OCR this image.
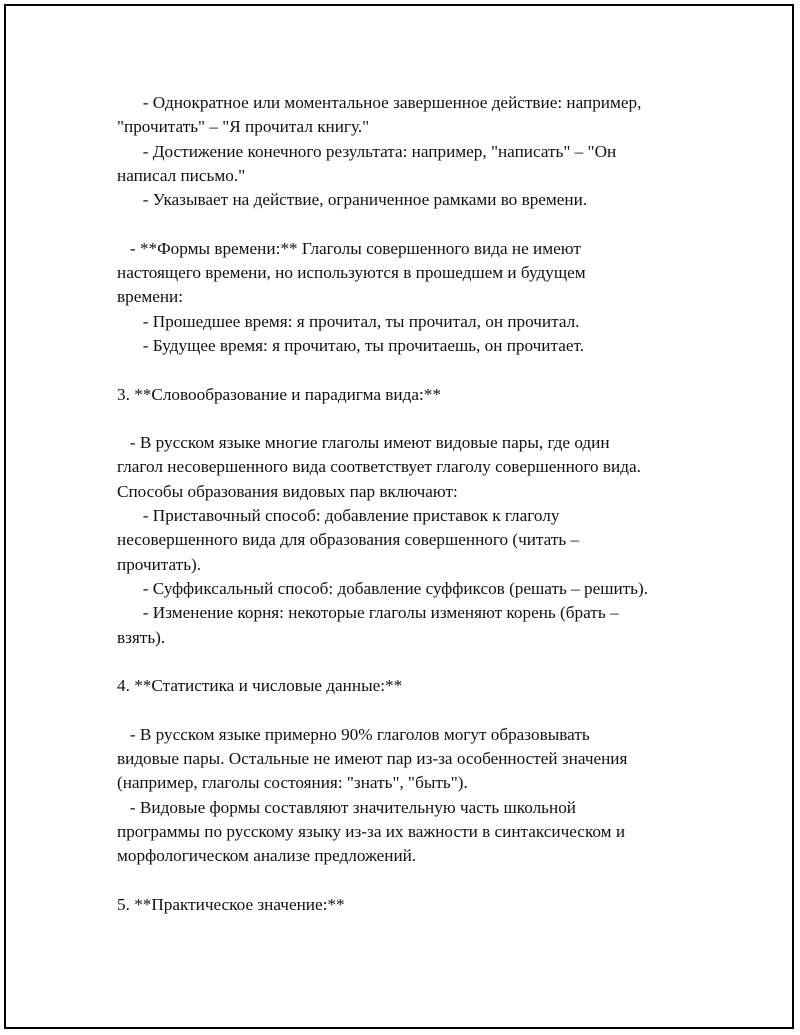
- Однократное или моментальное завершенное действие: например,
"прочитать" – "Я прочитал книгу."
- Достижение конечного результата: например, "написать" – "Он
написал письмо."
- Указывает на действие, ограниченное рамками во времени.
- **Формы времени:** Глаголы совершенного вида не имеют
настоящего времени, но используются в прошедшем и будущем
времени:
- Прошедшее время: я прочитал, ты прочитал, он прочитал.
- Будущее время: я прочитаю, ты прочитаешь, он прочитает.
3. **Словообразование и парадигма вида:**
- В русском языке многие глаголы имеют видовые пары, где один
глагол несовершенного вида соответствует глаголу совершенного вида.
Способы образования видовых пар включают:
- Приставочный способ: добавление приставок к глаголу
несовершенного вида для образования совершенного (читать –
прочитать).
- Суффиксальный способ: добавление суффиксов (решать – решить).
- Изменение корня: некоторые глаголы изменяют корень (брать –
взять).
4. **Статистика и числовые данные:**
- В русском языке примерно 90% глаголов могут образовывать
видовые пары. Остальные не имеют пар из-за особенностей значения
(например, глаголы состояния: "знать", "быть").
- Видовые формы составляют значительную часть школьной
программы по русскому языку из-за их важности в синтаксическом и
морфологическом анализе предложений.
5. **Практическое значение:**
